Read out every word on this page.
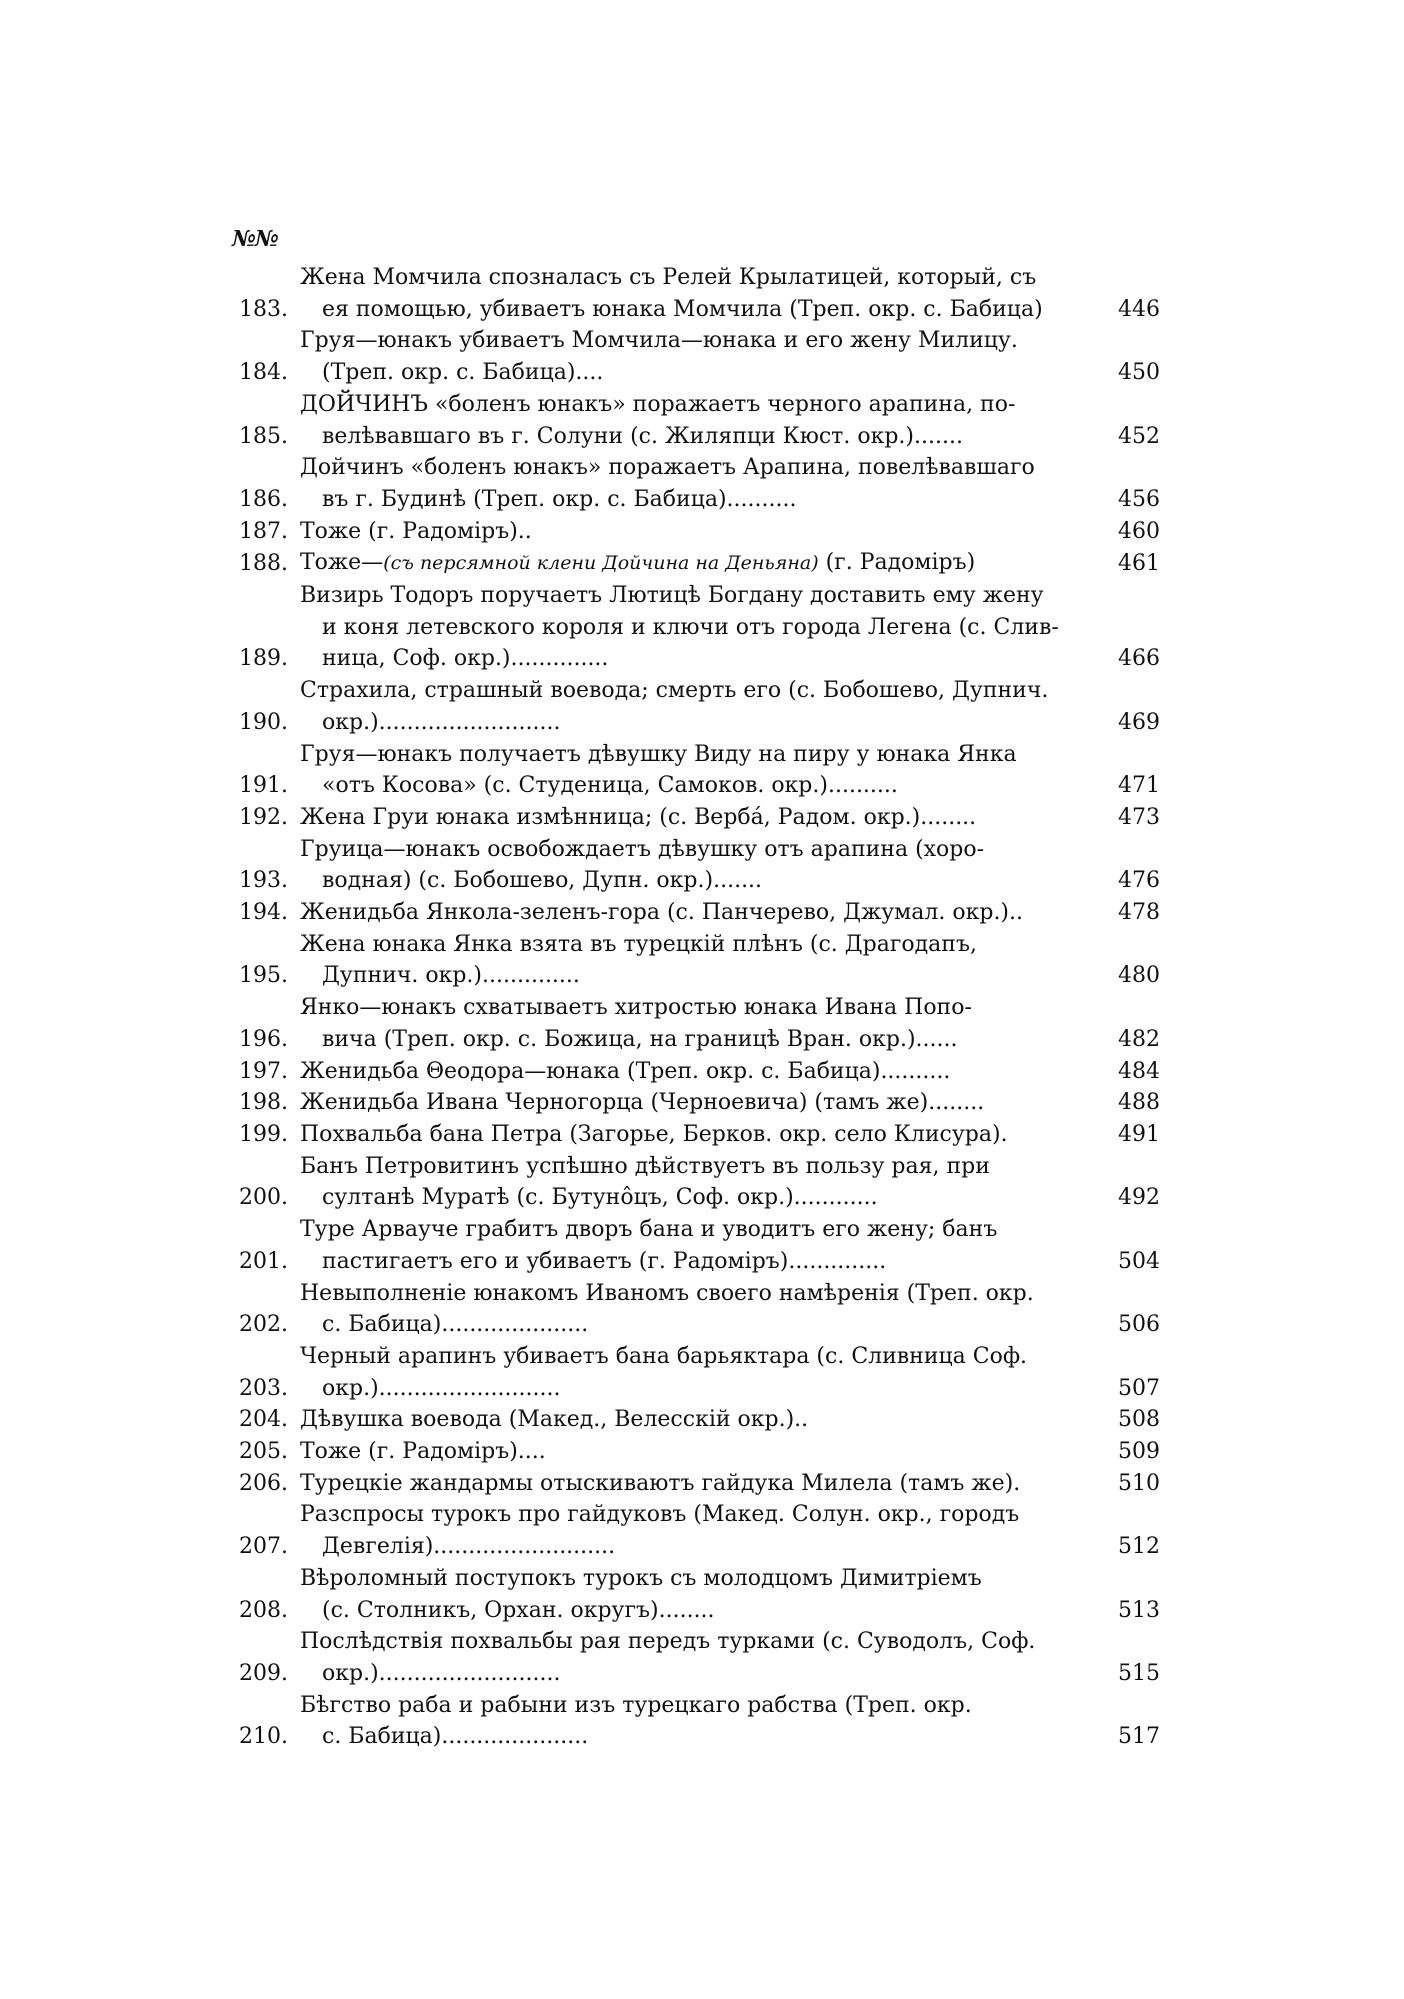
№№
183.
Жена Момчила спозналасъ съ Релей Крылатицей, который, съ
ея помощью, убиваетъ юнака Момчила (Треп. окр. с. Бабица)	446
184.
Груя—юнакъ убиваетъ Момчила—юнака и его жену Милицу.
(Треп. окр. с. Бабица)....	450
185.
ДОЙЧИНЪ «боленъ юнакъ» поражаетъ черного арапина, по-
велѣвавшаго въ г. Солуни (с. Жиляпци Кюст. окр.).......	452
186.
Дойчинъ «боленъ юнакъ» поражаетъ Арапина, повелѣвавшаго
въ г. Будинѣ (Треп. окр. с. Бабица)..........	456
187. Тоже (г. Радоміръ)..	460
188. Тоже—(съ персямной клени Дойчина на Деньяна) (г. Радоміръ)	461
189.
Визирь Тодоръ поручаетъ Лютицѣ Богдану доставить ему жену
и коня летевского короля и ключи отъ города Легена (с. Слив-
ница, Соф. окр.)..............	466
190.
Страхила, страшный воевода; смерть его (с. Бобошево, Дупнич.
окр.)..........................	469
191.
Груя—юнакъ получаетъ дѣвушку Виду на пиру у юнака Янка
«отъ Косова» (с. Студеница, Самоков. окр.)..........	471
192. Жена Груи юнака измѣнница; (с. Вербá, Радом. окр.)........	473
193.
Груица—юнакъ освобождаетъ дѣвушку отъ арапина (хоро-
водная) (с. Бобошево, Дупн. окр.).......	476
194. Женидьба Янкола-зеленъ-гора (с. Панчерево, Джумал. окр.)..	478
195.
Жена юнака Янка взята въ турецкій плѣнъ (с. Драгодапъ,
Дупнич. окр.)..............	480
196.
Янко—юнакъ схватываетъ хитростью юнака Ивана Попо-
вича (Треп. окр. с. Божица, на границѣ Вран. окр.)......	482
197. Женидьба Θеодора—юнака (Треп. окр. с. Бабица)..........	484
198. Женидьба Ивана Черногорца (Черноевича) (тамъ же)........	488
199. Похвальба бана Петра (Загорье, Берков. окр. село Клисура).	491
200.
Банъ Петровитинъ успѣшно дѣйствуетъ въ пользу рая, при
султанѣ Муратѣ (с. Бутунôцъ, Соф. окр.)............	492
201.
Туре Арвауче грабитъ дворъ бана и уводитъ его жену; банъ
пастигаетъ его и убиваетъ (г. Радоміръ)..............	504
202.
Невыполненіе юнакомъ Иваномъ своего намѣренія (Треп. окр.
с. Бабица).....................	506
203.
Черный арапинъ убиваетъ бана барьяктара (с. Сливница Соф.
окр.)..........................	507
204. Дѣвушка воевода (Макед., Велесскій окр.)..	508
205. Тоже (г. Радоміръ)....	509
206. Турецкіе жандармы отыскиваютъ гайдука Милела (тамъ же).	510
207.
Разспросы турокъ про гайдуковъ (Макед. Солун. окр., городъ
Девгелія)..........................	512
208.
Вѣроломный поступокъ турокъ съ молодцомъ Димитріемъ
(с. Столникъ, Орхан. округъ)........	513
209.
Послѣдствія похвальбы рая передъ турками (с. Суводолъ, Соф.
окр.)..........................	515
210.
Бѣгство раба и рабыни изъ турецкаго рабства (Треп. окр.
с. Бабица).....................	517
